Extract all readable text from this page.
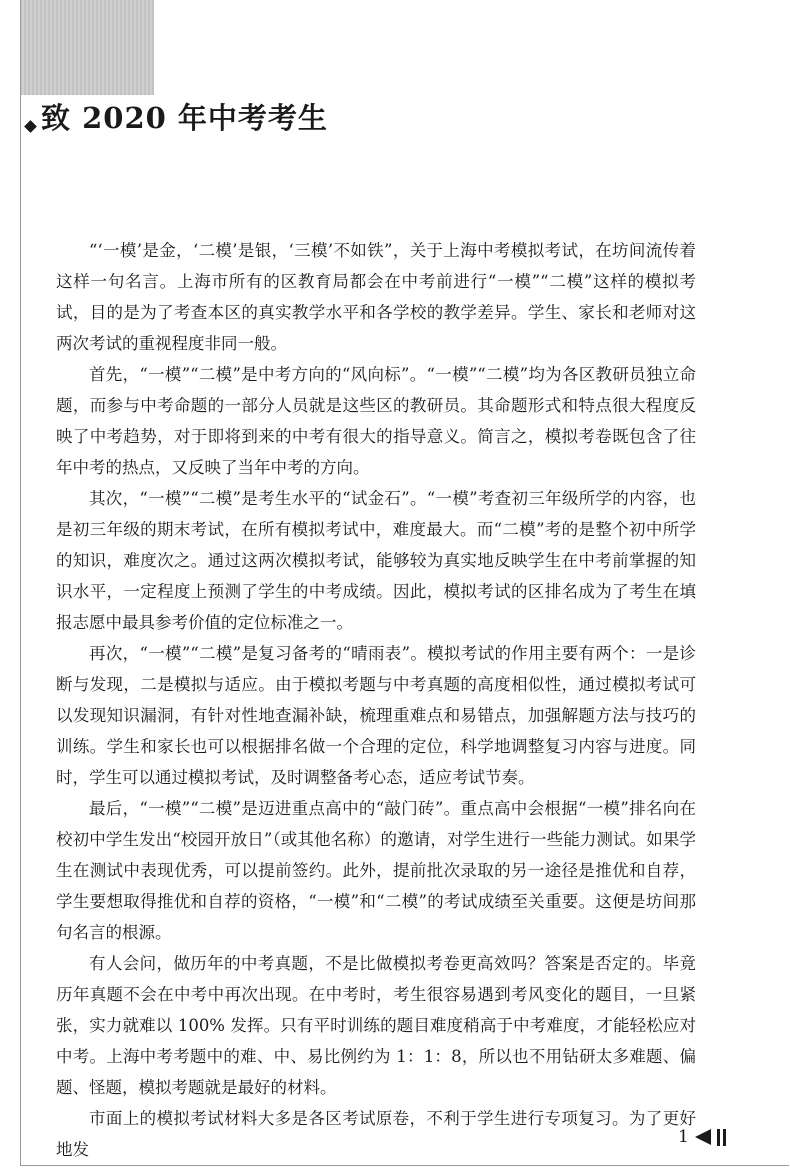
致 2020 年中考考生

“‘一模’是金，‘二模’是银，‘三模’不如铁”，关于上海中考模拟考试，在坊间流传着这样一句名言。上海市所有的区教育局都会在中考前进行“一模”“二模”这样的模拟考试，目的是为了考查本区的真实教学水平和各学校的教学差异。学生、家长和老师对这两次考试的重视程度非同一般。

首先，“一模”“二模”是中考方向的“风向标”。“一模”“二模”均为各区教研员独立命题，而参与中考命题的一部分人员就是这些区的教研员。其命题形式和特点很大程度反映了中考趋势，对于即将到来的中考有很大的指导意义。简言之，模拟考卷既包含了往年中考的热点，又反映了当年中考的方向。

其次，“一模”“二模”是考生水平的“试金石”。“一模”考查初三年级所学的内容，也是初三年级的期末考试，在所有模拟考试中，难度最大。而“二模”考的是整个初中所学的知识，难度次之。通过这两次模拟考试，能够较为真实地反映学生在中考前掌握的知识水平，一定程度上预测了学生的中考成绩。因此，模拟考试的区排名成为了考生在填报志愿中最具参考价值的定位标准之一。

再次，“一模”“二模”是复习备考的“晴雨表”。模拟考试的作用主要有两个：一是诊断与发现，二是模拟与适应。由于模拟考题与中考真题的高度相似性，通过模拟考试可以发现知识漏洞，有针对性地查漏补缺，梳理重难点和易错点，加强解题方法与技巧的训练。学生和家长也可以根据排名做一个合理的定位，科学地调整复习内容与进度。同时，学生可以通过模拟考试，及时调整备考心态，适应考试节奏。

最后，“一模”“二模”是迈进重点高中的“敲门砖”。重点高中会根据“一模”排名向在校初中学生发出“校园开放日”（或其他名称）的邀请，对学生进行一些能力测试。如果学生在测试中表现优秀，可以提前签约。此外，提前批次录取的另一途径是推优和自荐，学生要想取得推优和自荐的资格，“一模”和“二模”的考试成绩至关重要。这便是坊间那句名言的根源。

有人会问，做历年的中考真题，不是比做模拟考卷更高效吗？答案是否定的。毕竟历年真题不会在中考中再次出现。在中考时，考生很容易遇到考风变化的题目，一旦紧张，实力就难以 100% 发挥。只有平时训练的题目难度稍高于中考难度，才能轻松应对中考。上海中考考题中的难、中、易比例约为 1：1：8，所以也不用钻研太多难题、偏题、怪题，模拟考题就是最好的材料。

市面上的模拟考试材料大多是各区考试原卷，不利于学生进行专项复习。为了更好地发

1
